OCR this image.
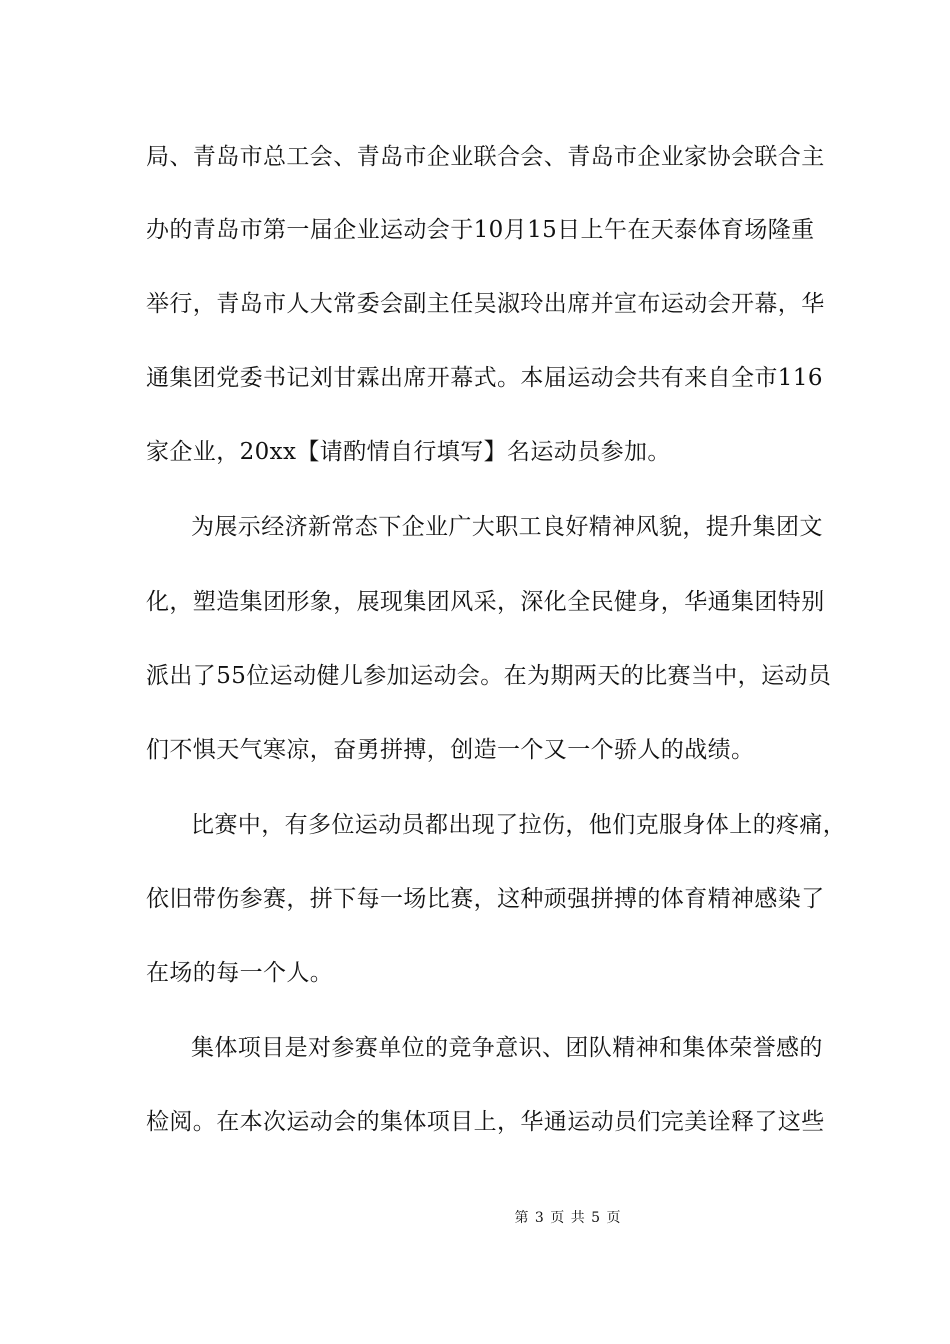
局、青岛市总工会、青岛市企业联合会、青岛市企业家协会联合主
办的青岛市第一届企业运动会于10月15日上午在天泰体育场隆重
举行，青岛市人大常委会副主任吴淑玲出席并宣布运动会开幕，华
通集团党委书记刘甘霖出席开幕式。本届运动会共有来自全市116
家企业，20xx【请酌情自行填写】名运动员参加。
为展示经济新常态下企业广大职工良好精神风貌，提升集团文
化，塑造集团形象，展现集团风采，深化全民健身，华通集团特别
派出了55位运动健儿参加运动会。在为期两天的比赛当中，运动员
们不惧天气寒凉，奋勇拼搏，创造一个又一个骄人的战绩。
比赛中，有多位运动员都出现了拉伤，他们克服身体上的疼痛，
依旧带伤参赛，拼下每一场比赛，这种顽强拼搏的体育精神感染了
在场的每一个人。
集体项目是对参赛单位的竞争意识、团队精神和集体荣誉感的
检阅。在本次运动会的集体项目上，华通运动员们完美诠释了这些
第 3 页 共 5 页
